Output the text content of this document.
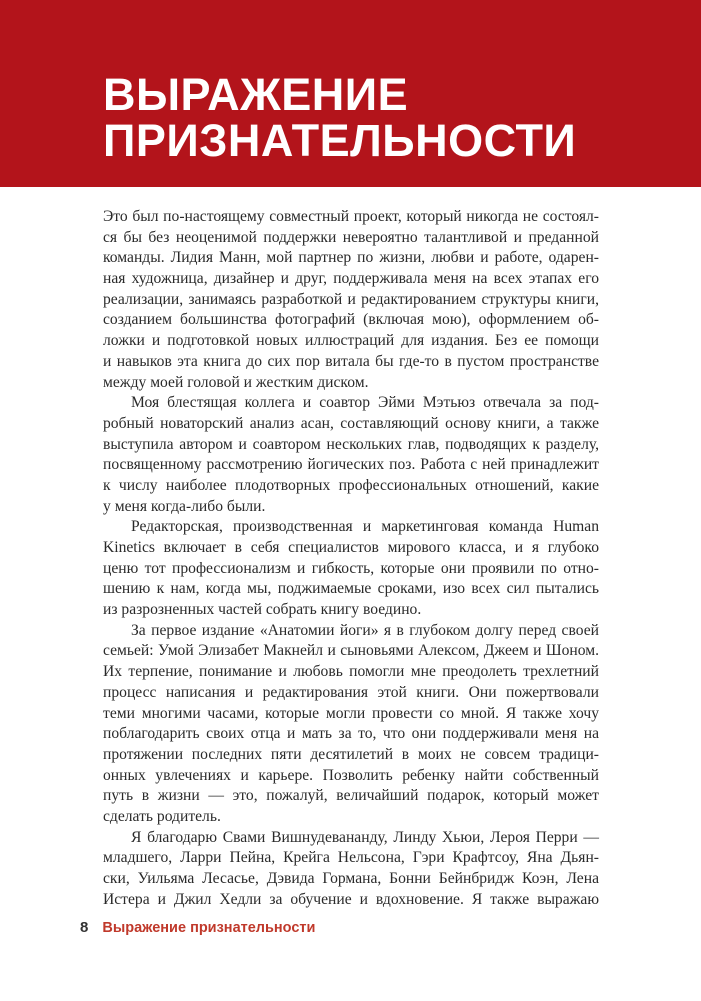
ВЫРАЖЕНИЕ
ПРИЗНАТЕЛЬНОСТИ
Это был по-настоящему совместный проект, который никогда не состоял-
ся бы без неоценимой поддержки невероятно талантливой и преданной
команды. Лидия Манн, мой партнер по жизни, любви и работе, одарен-
ная художница, дизайнер и друг, поддерживала меня на всех этапах его
реализации, занимаясь разработкой и редактированием структуры книги,
созданием большинства фотографий (включая мою), оформлением об-
ложки и подготовкой новых иллюстраций для издания. Без ее помощи
и навыков эта книга до сих пор витала бы где-то в пустом пространстве
между моей головой и жестким диском.
Моя блестящая коллега и соавтор Эйми Мэтьюз отвечала за под-
робный новаторский анализ асан, составляющий основу книги, а также
выступила автором и соавтором нескольких глав, подводящих к разделу,
посвященному рассмотрению йогических поз. Работа с ней принадлежит
к числу наиболее плодотворных профессиональных отношений, какие
у меня когда-либо были.
Редакторская, производственная и маркетинговая команда Human
Kinetics включает в себя специалистов мирового класса, и я глубоко
ценю тот профессионализм и гибкость, которые они проявили по отно-
шению к нам, когда мы, поджимаемые сроками, изо всех сил пытались
из разрозненных частей собрать книгу воедино.
За первое издание «Анатомии йоги» я в глубоком долгу перед своей
семьей: Умой Элизабет Макнейл и сыновьями Алексом, Джеем и Шоном.
Их терпение, понимание и любовь помогли мне преодолеть трехлетний
процесс написания и редактирования этой книги. Они пожертвовали
теми многими часами, которые могли провести со мной. Я также хочу
поблагодарить своих отца и мать за то, что они поддерживали меня на
протяжении последних пяти десятилетий в моих не совсем традици-
онных увлечениях и карьере. Позволить ребенку найти собственный
путь в жизни — это, пожалуй, величайший подарок, который может
сделать родитель.
Я благодарю Свами Вишнудевананду, Линду Хьюи, Лероя Перри —
младшего, Ларри Пейна, Крейга Нельсона, Гэри Крафтсоу, Яна Дьян-
ски, Уильяма Лесасье, Дэвида Гормана, Бонни Бейнбридж Коэн, Лена
Истера и Джил Хедли за обучение и вдохновение. Я также выражаю
8 Выражение признательности
